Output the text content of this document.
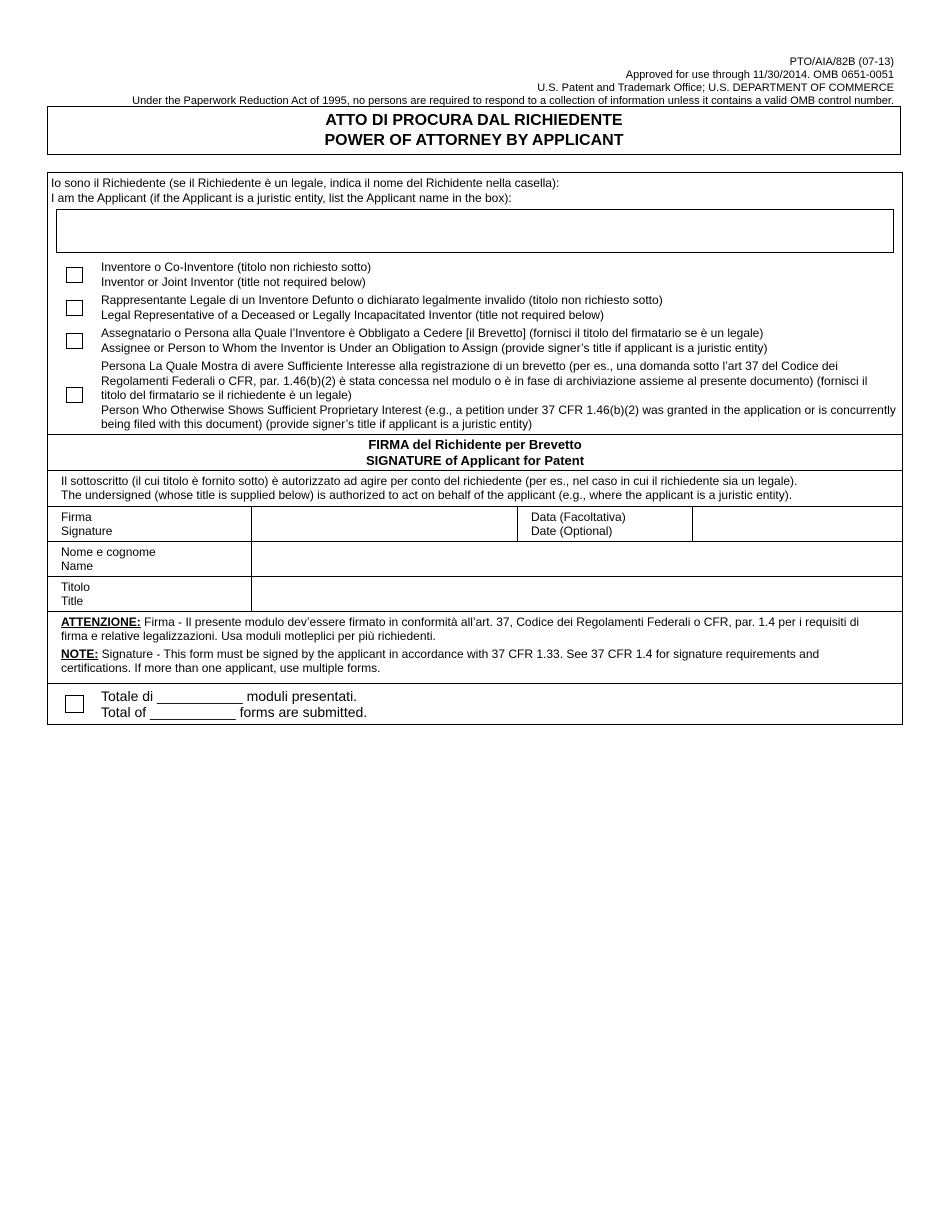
PTO/AIA/82B (07-13)
Approved for use through 11/30/2014. OMB 0651-0051
U.S. Patent and Trademark Office; U.S. DEPARTMENT OF COMMERCE
Under the Paperwork Reduction Act of 1995, no persons are required to respond to a collection of information unless it contains a valid OMB control number.
ATTO DI PROCURA DAL RICHIEDENTE
POWER OF ATTORNEY BY APPLICANT
Io sono il Richiedente (se il Richiedente è un legale, indica il nome del Richidente nella casella):
I am the Applicant (if the Applicant is a juristic entity, list the Applicant name in the box):
Inventore o Co-Inventore (titolo non richiesto sotto)
Inventor or Joint Inventor (title not required below)
Rappresentante Legale di un Inventore Defunto o dichiarato legalmente invalido (titolo non richiesto sotto)
Legal Representative of a Deceased or Legally Incapacitated Inventor (title not required below)
Assegnatario o Persona alla Quale l’Inventore è Obbligato a Cedere [il Brevetto] (fornisci il titolo del firmatario se è un legale)
Assignee or Person to Whom the Inventor is Under an Obligation to Assign (provide signer’s title if applicant is a juristic entity)
Persona La Quale Mostra di avere Sufficiente Interesse alla registrazione di un brevetto (per es., una domanda sotto l’art 37 del Codice dei Regolamenti Federali o CFR, par. 1.46(b)(2) è stata concessa nel modulo o è in fase di archiviazione assieme al presente documento) (fornisci il titolo del firmatario se il richiedente è un legale)
Person Who Otherwise Shows Sufficient Proprietary Interest (e.g., a petition under 37 CFR 1.46(b)(2) was granted in the application or is concurrently being filed with this document) (provide signer’s title if applicant is a juristic entity)
FIRMA del Richidente per Brevetto
SIGNATURE of Applicant for Patent
Il sottoscritto (il cui titolo è fornito sotto) è autorizzato ad agire per conto del richiedente (per es., nel caso in cui il richiedente sia un legale).
The undersigned (whose title is supplied below) is authorized to act on behalf of the applicant (e.g., where the applicant is a juristic entity).
Firma
Signature
Data (Facoltativa)
Date (Optional)
Nome e cognome
Name
Titolo
Title

ATTENZIONE: Firma - Il presente modulo dev’essere firmato in conformità all’art. 37, Codice dei Regolamenti Federali o CFR, par. 1.4 per i requisiti di firma e relative legalizzazioni. Usa moduli motleplici per più richiedenti.

NOTE: Signature - This form must be signed by the applicant in accordance with 37 CFR 1.33. See 37 CFR 1.4 for signature requirements and certifications. If more than one applicant, use multiple forms.

Totale di ___________ moduli presentati.
Total of ___________ forms are submitted.
